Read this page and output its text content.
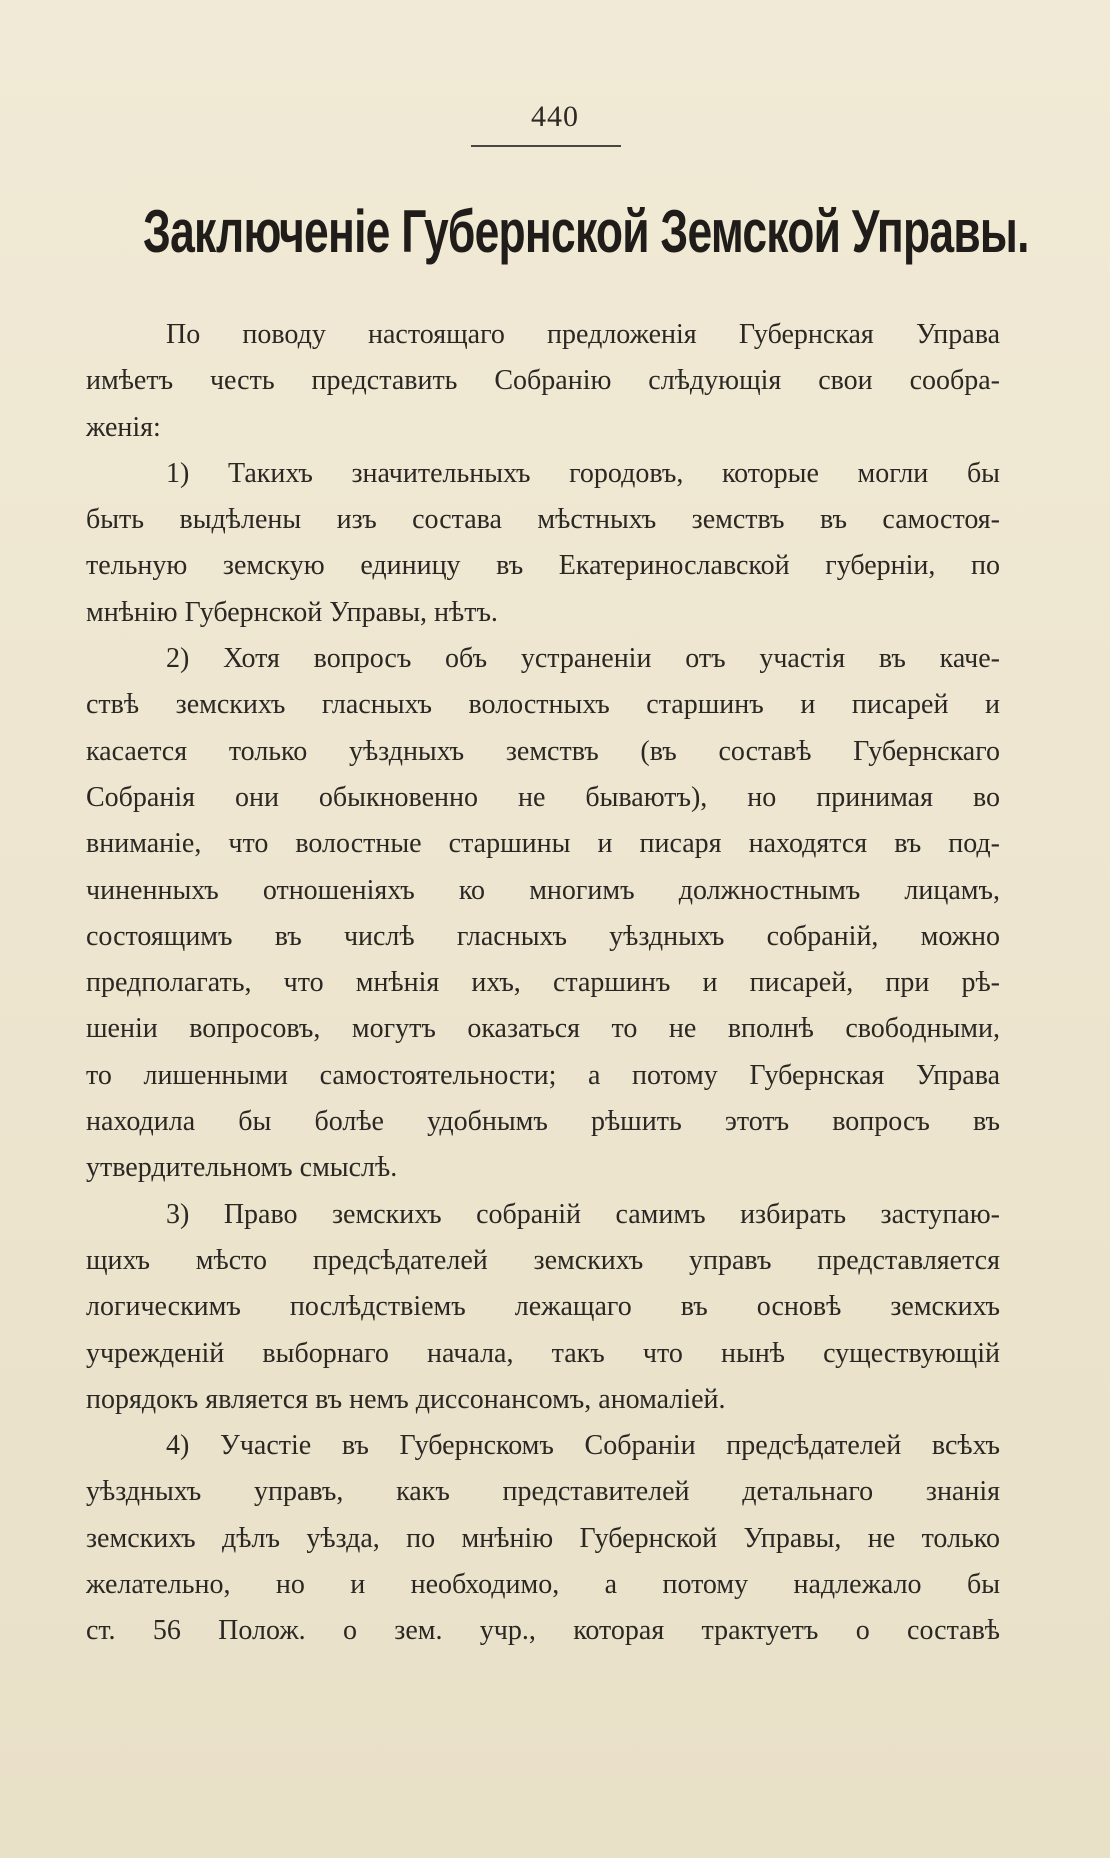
440
Заключеніе Губернской Земской Управы.
По поводу настоящаго предложенія Губернская Управа
имѣетъ честь представить Собранію слѣдующія свои сообра-
женія:
1) Такихъ значительныхъ городовъ, которые могли бы
быть выдѣлены изъ состава мѣстныхъ земствъ въ самостоя-
тельную земскую единицу въ Екатеринославской губерніи, по
мнѣнію Губернской Управы, нѣтъ.
2) Хотя вопросъ объ устраненіи отъ участія въ каче-
ствѣ земскихъ гласныхъ волостныхъ старшинъ и писарей и
касается только уѣздныхъ земствъ (въ составѣ Губернскаго
Собранія они обыкновенно не бываютъ), но принимая во
вниманіе, что волостные старшины и писаря находятся въ под-
чиненныхъ отношеніяхъ ко многимъ должностнымъ лицамъ,
состоящимъ въ числѣ гласныхъ уѣздныхъ собраній, можно
предполагать, что мнѣнія ихъ, старшинъ и писарей, при рѣ-
шеніи вопросовъ, могутъ оказаться то не вполнѣ свободными,
то лишенными самостоятельности; а потому Губернская Управа
находила бы болѣе удобнымъ рѣшить этотъ вопросъ въ
утвердительномъ смыслѣ.
3) Право земскихъ собраній самимъ избирать заступаю-
щихъ мѣсто предсѣдателей земскихъ управъ представляется
логическимъ послѣдствіемъ лежащаго въ основѣ земскихъ
учрежденій выборнаго начала, такъ что нынѣ существующій
порядокъ является въ немъ диссонансомъ, аномаліей.
4) Участіе въ Губернскомъ Собраніи предсѣдателей всѣхъ
уѣздныхъ управъ, какъ представителей детальнаго знанія
земскихъ дѣлъ уѣзда, по мнѣнію Губернской Управы, не только
желательно, но и необходимо, а потому надлежало бы
ст. 56 Полож. о зем. учр., которая трактуетъ о составѣ
